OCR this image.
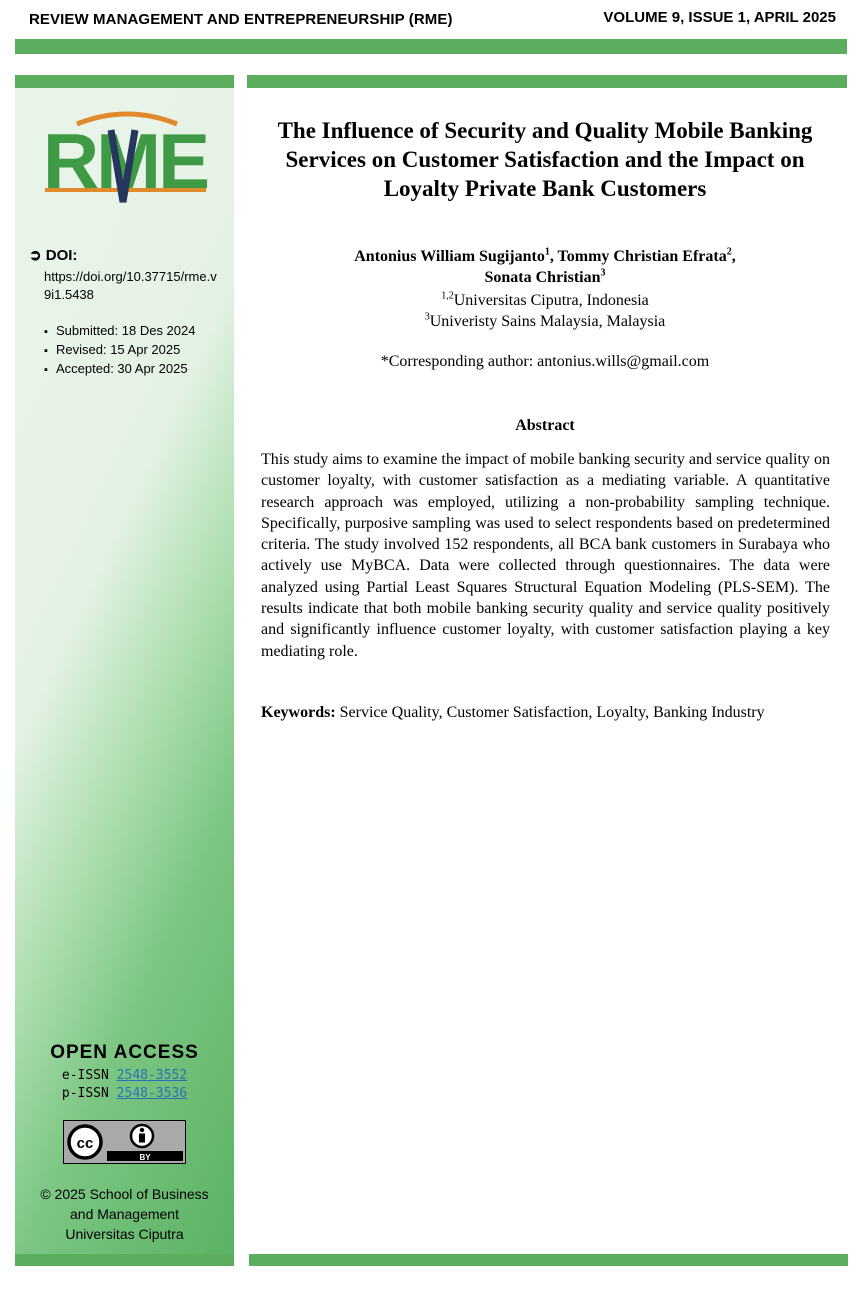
REVIEW MANAGEMENT AND ENTREPRENEURSHIP (RME)	VOLUME 9, ISSUE 1, APRIL 2025
RME
➲ DOI:
https://doi.org/10.37715/rme.v9i1.5438
▪ Submitted: 18 Des 2024
▪ Revised: 15 Apr 2025
▪ Accepted: 30 Apr 2025
OPEN ACCESS
e-ISSN 2548-3552
p-ISSN 2548-3536
cc
BY
© 2025 School of Business
and Management
Universitas Ciputra
The Influence of Security and Quality Mobile Banking Services on Customer Satisfaction and the Impact on Loyalty Private Bank Customers
Antonius William Sugijanto$^1$, Tommy Christian Efrata$^2$,
Sonata Christian$^3$
$^{1,2}$Universitas Ciputra, Indonesia
$^3$Univeristy Sains Malaysia, Malaysia
*Corresponding author: antonius.wills@gmail.com
Abstract

This study aims to examine the impact of mobile banking security and service quality on customer loyalty, with customer satisfaction as a mediating variable. A quantitative research approach was employed, utilizing a non-probability sampling technique. Specifically, purposive sampling was used to select respondents based on predetermined criteria. The study involved 152 respondents, all BCA bank customers in Surabaya who actively use MyBCA. Data were collected through questionnaires. The data were analyzed using Partial Least Squares Structural Equation Modeling (PLS-SEM). The results indicate that both mobile banking security quality and service quality positively and significantly influence customer loyalty, with customer satisfaction playing a key mediating role.

Keywords: Service Quality, Customer Satisfaction, Loyalty, Banking Industry
